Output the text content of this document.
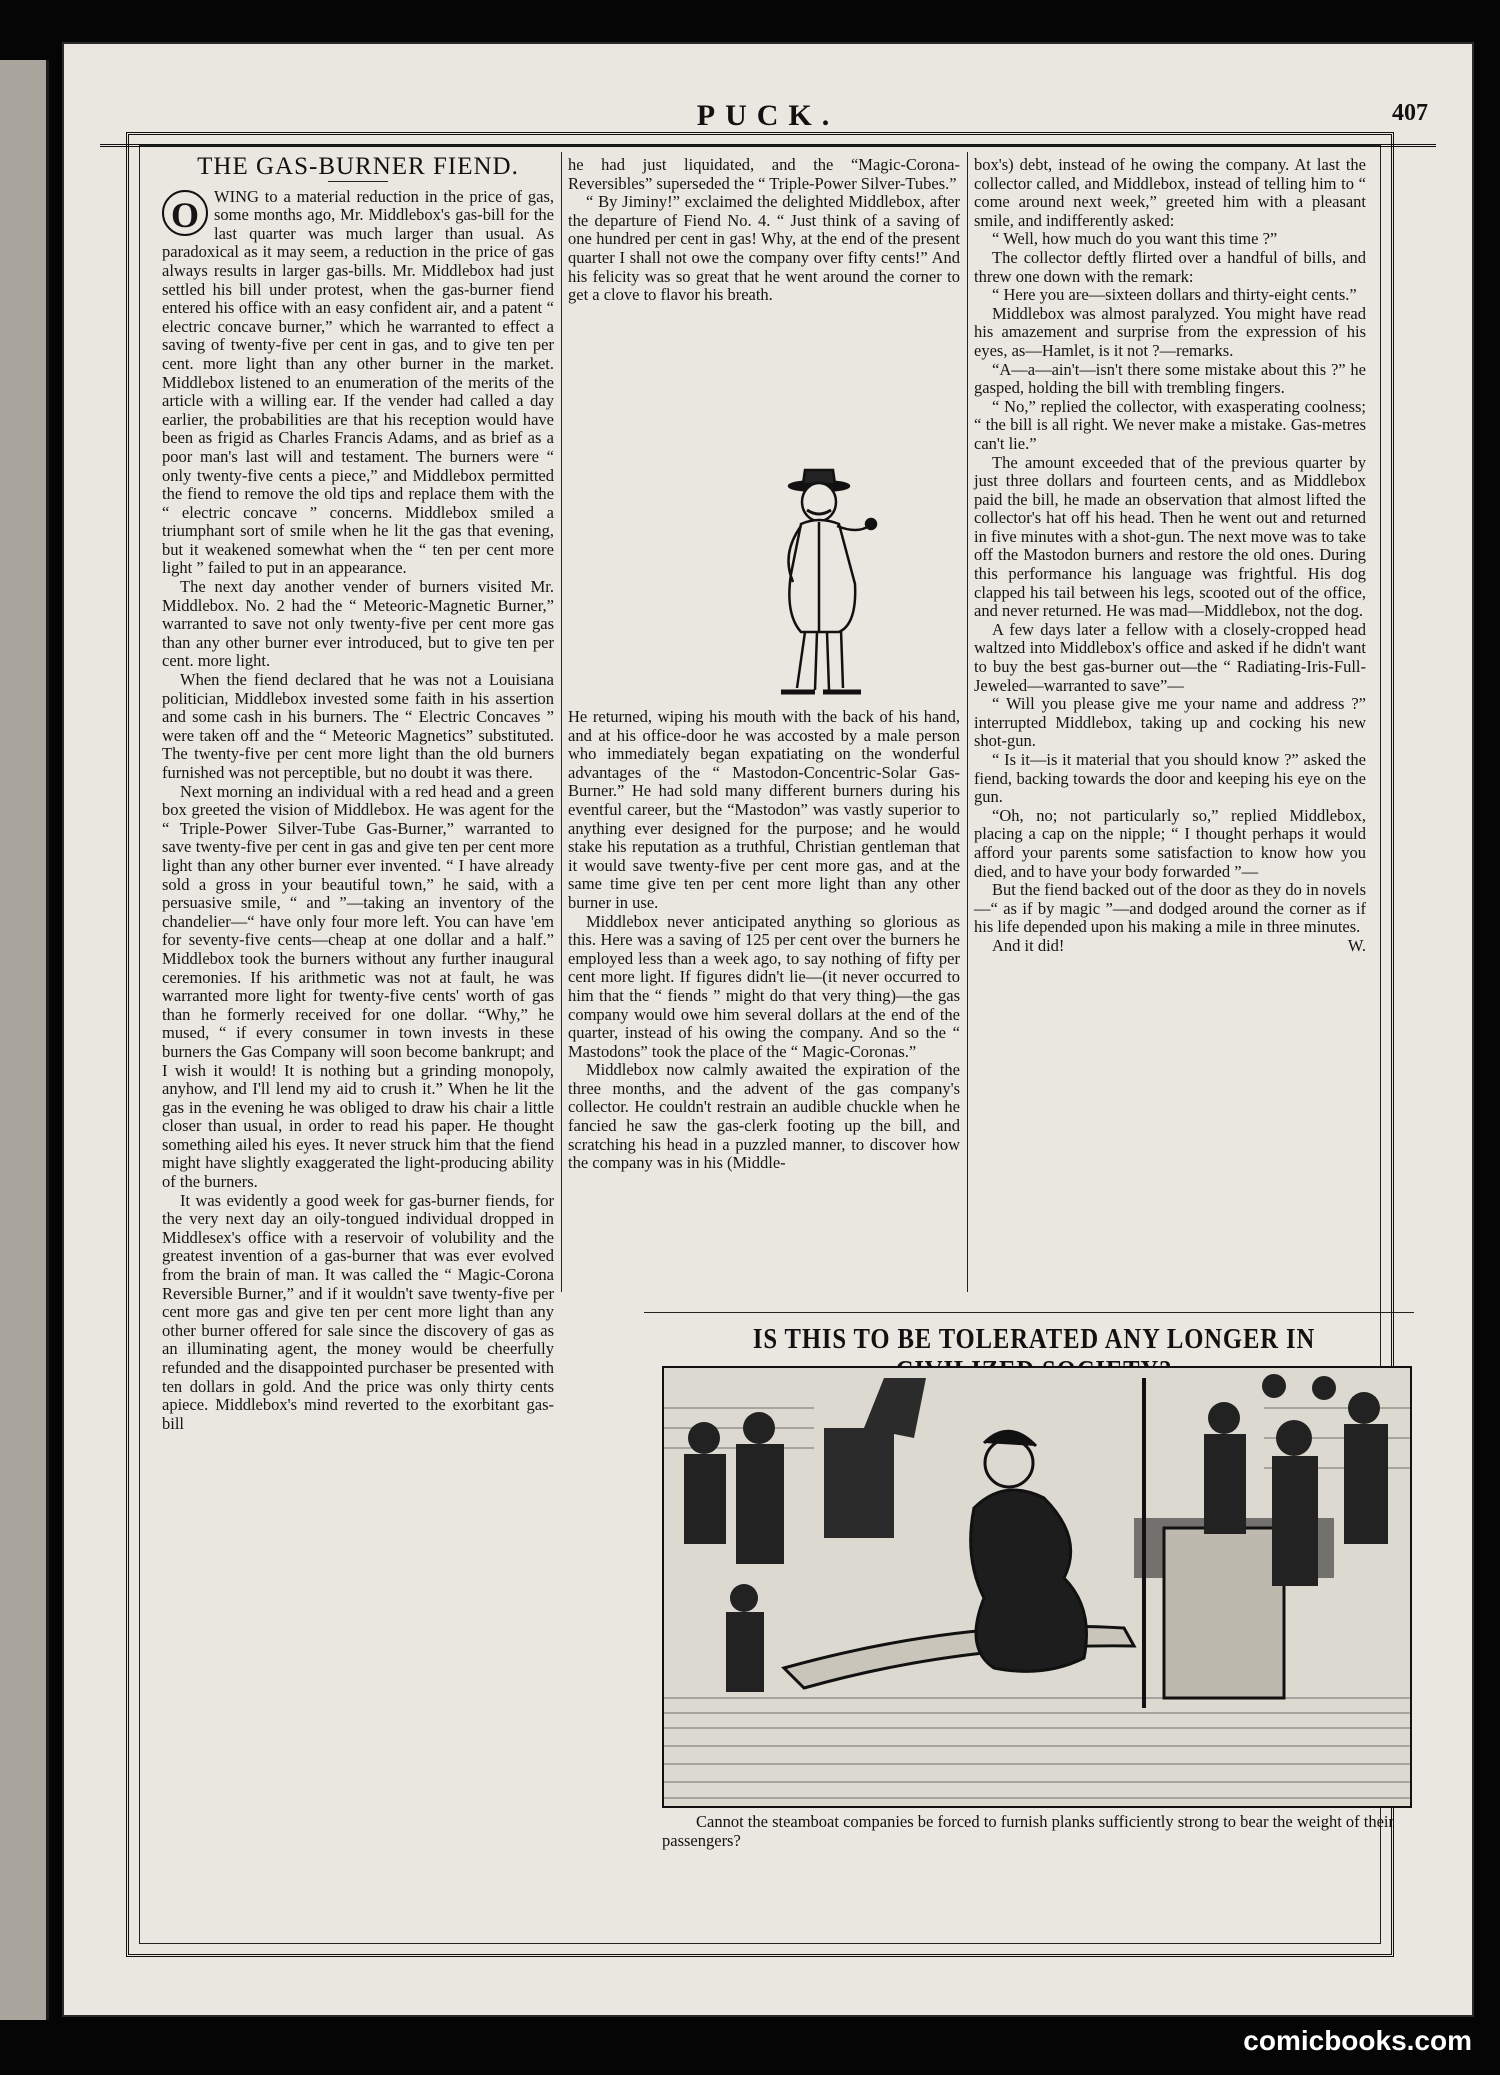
PUCK.	407
THE GAS-BURNER FIEND.

O WING to a material reduction in the price of gas, some months ago, Mr. Middlebox's gas-bill for the last quarter was much larger than usual. As paradoxical as it may seem, a reduction in the price of gas always results in larger gas-bills. Mr. Middlebox had just settled his bill under protest, when the gas-burner fiend entered his office with an easy confident air, and a patent “ electric concave burner,” which he warranted to effect a saving of twenty-five per cent in gas, and to give ten per cent. more light than any other burner in the market. Middlebox listened to an enumeration of the merits of the article with a willing ear. If the vender had called a day earlier, the probabilities are that his reception would have been as frigid as Charles Francis Adams, and as brief as a poor man's last will and testament. The burners were “ only twenty-five cents a piece,” and Middlebox permitted the fiend to remove the old tips and replace them with the “ electric concave ” concerns. Middlebox smiled a triumphant sort of smile when he lit the gas that evening, but it weakened somewhat when the “ ten per cent more light ” failed to put in an appearance.

The next day another vender of burners visited Mr. Middlebox. No. 2 had the “ Meteoric-Magnetic Burner,” warranted to save not only twenty-five per cent more gas than any other burner ever introduced, but to give ten per cent. more light.

When the fiend declared that he was not a Louisiana politician, Middlebox invested some faith in his assertion and some cash in his burners. The “ Electric Concaves ” were taken off and the “ Meteoric Magnetics” substituted. The twenty-five per cent more light than the old burners furnished was not perceptible, but no doubt it was there.

Next morning an individual with a red head and a green box greeted the vision of Middlebox. He was agent for the “ Triple-Power Silver-Tube Gas-Burner,” warranted to save twenty-five per cent in gas and give ten per cent more light than any other burner ever invented. “ I have already sold a gross in your beautiful town,” he said, with a persuasive smile, “ and ”—taking an inventory of the chandelier—“ have only four more left. You can have 'em for seventy-five cents—cheap at one dollar and a half.” Middlebox took the burners without any further inaugural ceremonies. If his arithmetic was not at fault, he was warranted more light for twenty-five cents' worth of gas than he formerly received for one dollar. “Why,” he mused, “ if every consumer in town invests in these burners the Gas Company will soon become bankrupt; and I wish it would! It is nothing but a grinding monopoly, anyhow, and I'll lend my aid to crush it.” When he lit the gas in the evening he was obliged to draw his chair a little closer than usual, in order to read his paper. He thought something ailed his eyes. It never struck him that the fiend might have slightly exaggerated the light-producing ability of the burners.

It was evidently a good week for gas-burner fiends, for the very next day an oily-tongued individual dropped in Middlesex's office with a reservoir of volubility and the greatest invention of a gas-burner that was ever evolved from the brain of man. It was called the “ Magic-Corona Reversible Burner,” and if it wouldn't save twenty-five per cent more gas and give ten per cent more light than any other burner offered for sale since the discovery of gas as an illuminating agent, the money would be cheerfully refunded and the disappointed purchaser be presented with ten dollars in gold. And the price was only thirty cents apiece. Middlebox's mind reverted to the exorbitant gas-bill

he had just liquidated, and the “Magic-Corona-Reversibles” superseded the “ Triple-Power Silver-Tubes.”

“ By Jiminy!” exclaimed the delighted Middlebox, after the departure of Fiend No. 4. “ Just think of a saving of one hundred per cent in gas! Why, at the end of the present quarter I shall not owe the company over fifty cents!” And his felicity was so great that he went around the corner to get a clove to flavor his breath.

He returned, wiping his mouth with the back of his hand, and at his office-door he was accosted by a male person who immediately began expatiating on the wonderful advantages of the “ Mastodon-Concentric-Solar Gas-Burner.” He had sold many different burners during his eventful career, but the “Mastodon” was vastly superior to anything ever designed for the purpose; and he would stake his reputation as a truthful, Christian gentleman that it would save twenty-five per cent more gas, and at the same time give ten per cent more light than any other burner in use.

Middlebox never anticipated anything so glorious as this. Here was a saving of 125 per cent over the burners he employed less than a week ago, to say nothing of fifty per cent more light. If figures didn't lie—(it never occurred to him that the “ fiends ” might do that very thing)—the gas company would owe him several dollars at the end of the quarter, instead of his owing the company. And so the “ Mastodons” took the place of the “ Magic-Coronas.”

Middlebox now calmly awaited the expiration of the three months, and the advent of the gas company's collector. He couldn't restrain an audible chuckle when he fancied he saw the gas-clerk footing up the bill, and scratching his head in a puzzled manner, to discover how the company was in his (Middle-

box's) debt, instead of he owing the company. At last the collector called, and Middlebox, instead of telling him to “ come around next week,” greeted him with a pleasant smile, and indifferently asked:

“ Well, how much do you want this time ?”

The collector deftly flirted over a handful of bills, and threw one down with the remark:

“ Here you are—sixteen dollars and thirty-eight cents.”

Middlebox was almost paralyzed. You might have read his amazement and surprise from the expression of his eyes, as—Hamlet, is it not ?—remarks.

“A—a—ain't—isn't there some mistake about this ?” he gasped, holding the bill with trembling fingers.

“ No,” replied the collector, with exasperating coolness; “ the bill is all right. We never make a mistake. Gas-metres can't lie.”

The amount exceeded that of the previous quarter by just three dollars and fourteen cents, and as Middlebox paid the bill, he made an observation that almost lifted the collector's hat off his head. Then he went out and returned in five minutes with a shot-gun. The next move was to take off the Mastodon burners and restore the old ones. During this performance his language was frightful. His dog clapped his tail between his legs, scooted out of the office, and never returned. He was mad—Middlebox, not the dog.

A few days later a fellow with a closely-cropped head waltzed into Middlebox's office and asked if he didn't want to buy the best gas-burner out—the “ Radiating-Iris-Full-Jeweled—warranted to save”—

“ Will you please give me your name and address ?” interrupted Middlebox, taking up and cocking his new shot-gun.

“ Is it—is it material that you should know ?” asked the fiend, backing towards the door and keeping his eye on the gun.

“Oh, no; not particularly so,” replied Middlebox, placing a cap on the nipple; “ I thought perhaps it would afford your parents some satisfaction to know how you died, and to have your body forwarded ”—

But the fiend backed out of the door as they do in novels—“ as if by magic ”—and dodged around the corner as if his life depended upon his making a mile in three minutes.

And it did!	W.

IS THIS TO BE TOLERATED ANY LONGER IN
Cannot the steamboat companies be forced to furnish planks sufficiently strong to bear the weight of their passengers?
comicbooks.com
